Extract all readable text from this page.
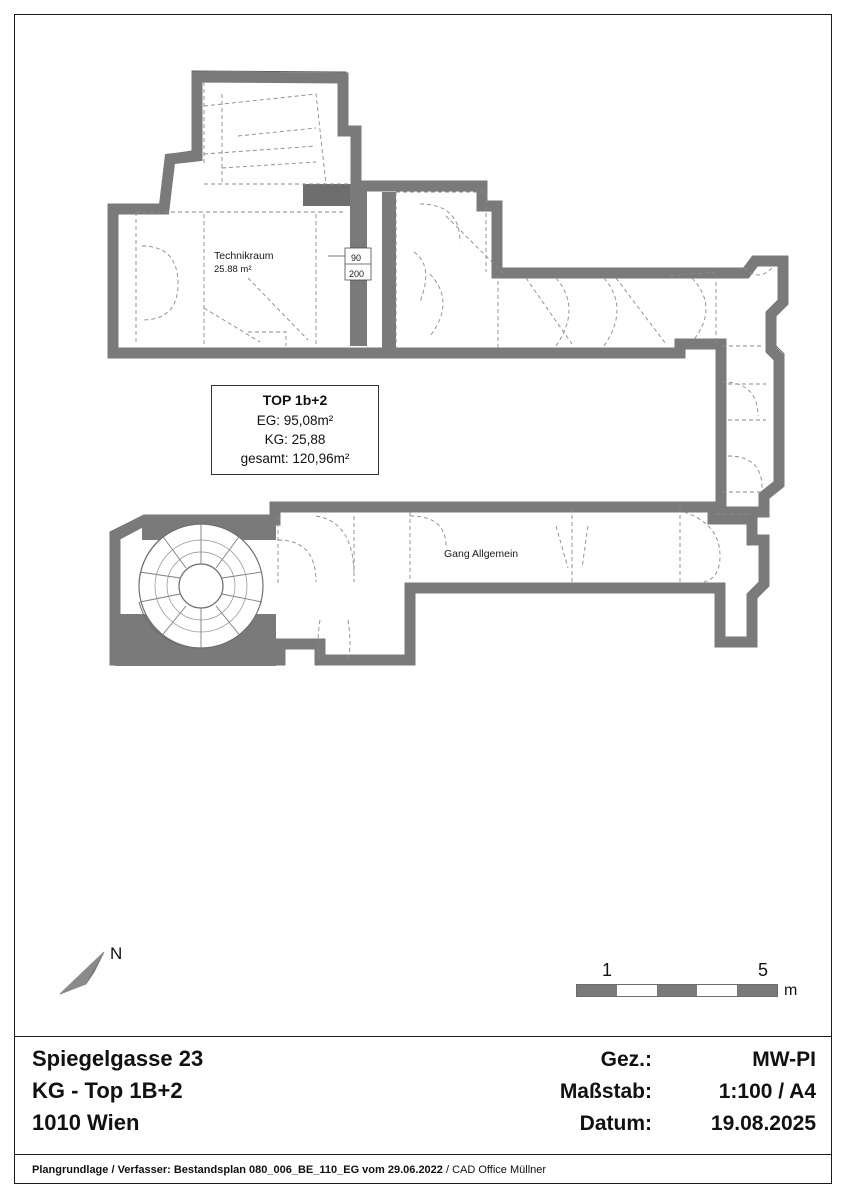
Technikraum
25.88 m²
90
200
Gang Allgemein
TOP 1b+2
EG: 95,08m²
KG: 25,88
gesamt: 120,96m²
N
1	5
m
Spiegelgasse 23	Gez.:	MW-PI
KG - Top 1B+2	Maßstab:	1:100 / A4
1010 Wien	Datum:	19.08.2025
Plangrundlage / Verfasser:
Bestandsplan 080_006_BE_110_EG vom 29.06.2022
/ CAD Office Müllner
